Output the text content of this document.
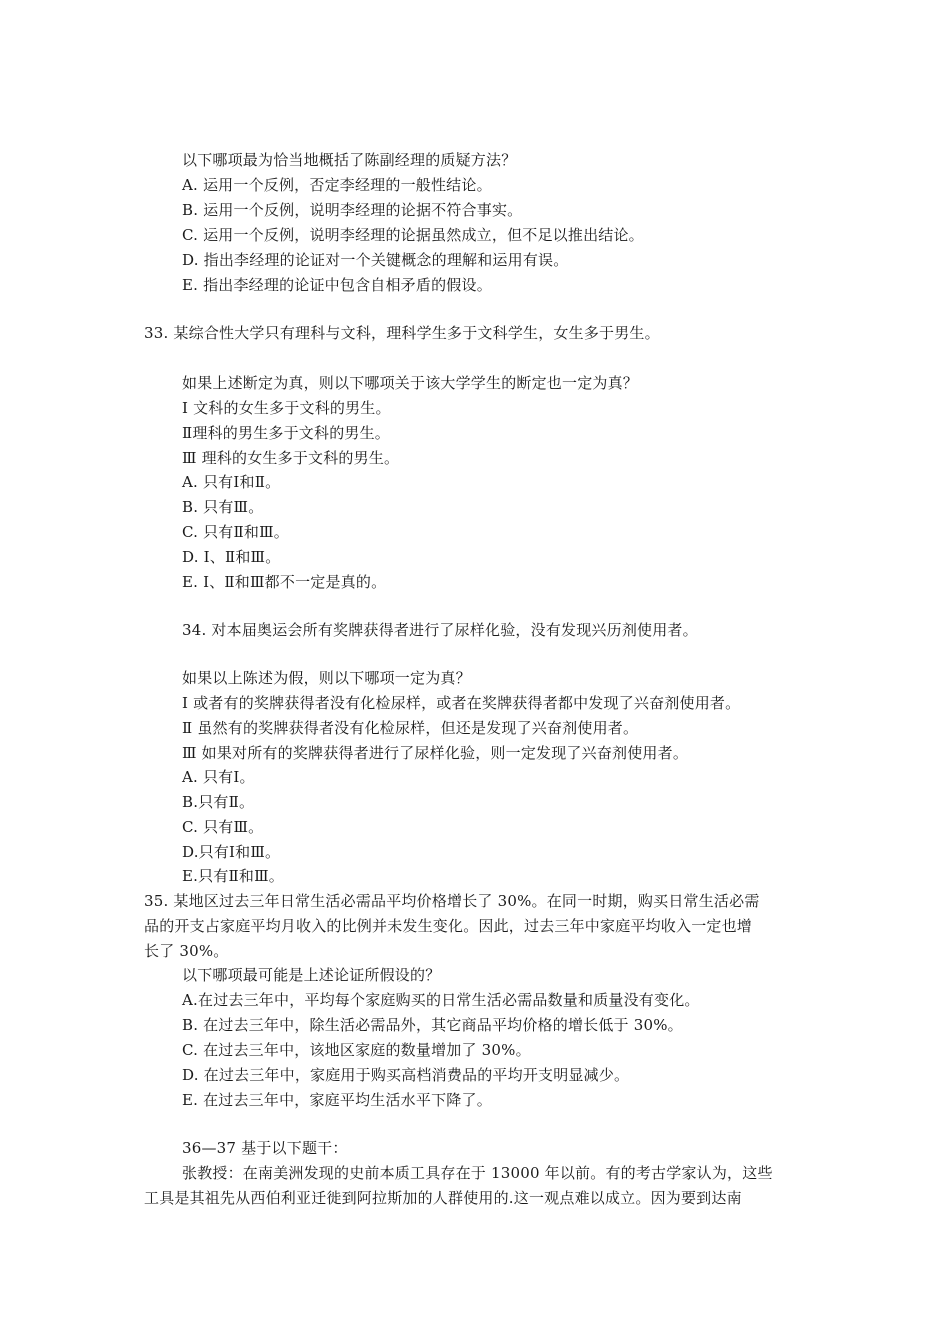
以下哪项最为恰当地概括了陈副经理的质疑方法？
A. 运用一个反例，否定李经理的一般性结论。
B. 运用一个反例，说明李经理的论据不符合事实。
C. 运用一个反例，说明李经理的论据虽然成立，但不足以推出结论。
D. 指出李经理的论证对一个关键概念的理解和运用有误。
E. 指出李经理的论证中包含自相矛盾的假设。
33. 某综合性大学只有理科与文科，理科学生多于文科学生，女生多于男生。
如果上述断定为真，则以下哪项关于该大学学生的断定也一定为真？
Ⅰ 文科的女生多于文科的男生。
Ⅱ理科的男生多于文科的男生。
Ⅲ 理科的女生多于文科的男生。
A. 只有Ⅰ和Ⅱ。
B. 只有Ⅲ。
C. 只有Ⅱ和Ⅲ。
D. Ⅰ、Ⅱ和Ⅲ。
E. Ⅰ、Ⅱ和Ⅲ都不一定是真的。
34. 对本届奥运会所有奖牌获得者进行了尿样化验，没有发现兴历剂使用者。
如果以上陈述为假，则以下哪项一定为真？
Ⅰ 或者有的奖牌获得者没有化检尿样，或者在奖牌获得者都中发现了兴奋剂使用者。
Ⅱ 虽然有的奖牌获得者没有化检尿样，但还是发现了兴奋剂使用者。
Ⅲ 如果对所有的奖牌获得者进行了尿样化验，则一定发现了兴奋剂使用者。
A. 只有Ⅰ。
B.只有Ⅱ。
C. 只有Ⅲ。
D.只有Ⅰ和Ⅲ。
E.只有Ⅱ和Ⅲ。
35. 某地区过去三年日常生活必需品平均价格增长了 30%。在同一时期，购买日常生活必需
品的开支占家庭平均月收入的比例并未发生变化。因此，过去三年中家庭平均收入一定也增
长了 30%。
以下哪项最可能是上述论证所假设的？
A.在过去三年中，平均每个家庭购买的日常生活必需品数量和质量没有变化。
B. 在过去三年中，除生活必需品外，其它商品平均价格的增长低于 30%。
C. 在过去三年中，该地区家庭的数量增加了 30%。
D. 在过去三年中，家庭用于购买高档消费品的平均开支明显减少。
E. 在过去三年中，家庭平均生活水平下降了。
36—37 基于以下题干：
张教授：在南美洲发现的史前本质工具存在于 13000 年以前。有的考古学家认为，这些
工具是其祖先从西伯利亚迁徙到阿拉斯加的人群使用的.这一观点难以成立。因为要到达南
